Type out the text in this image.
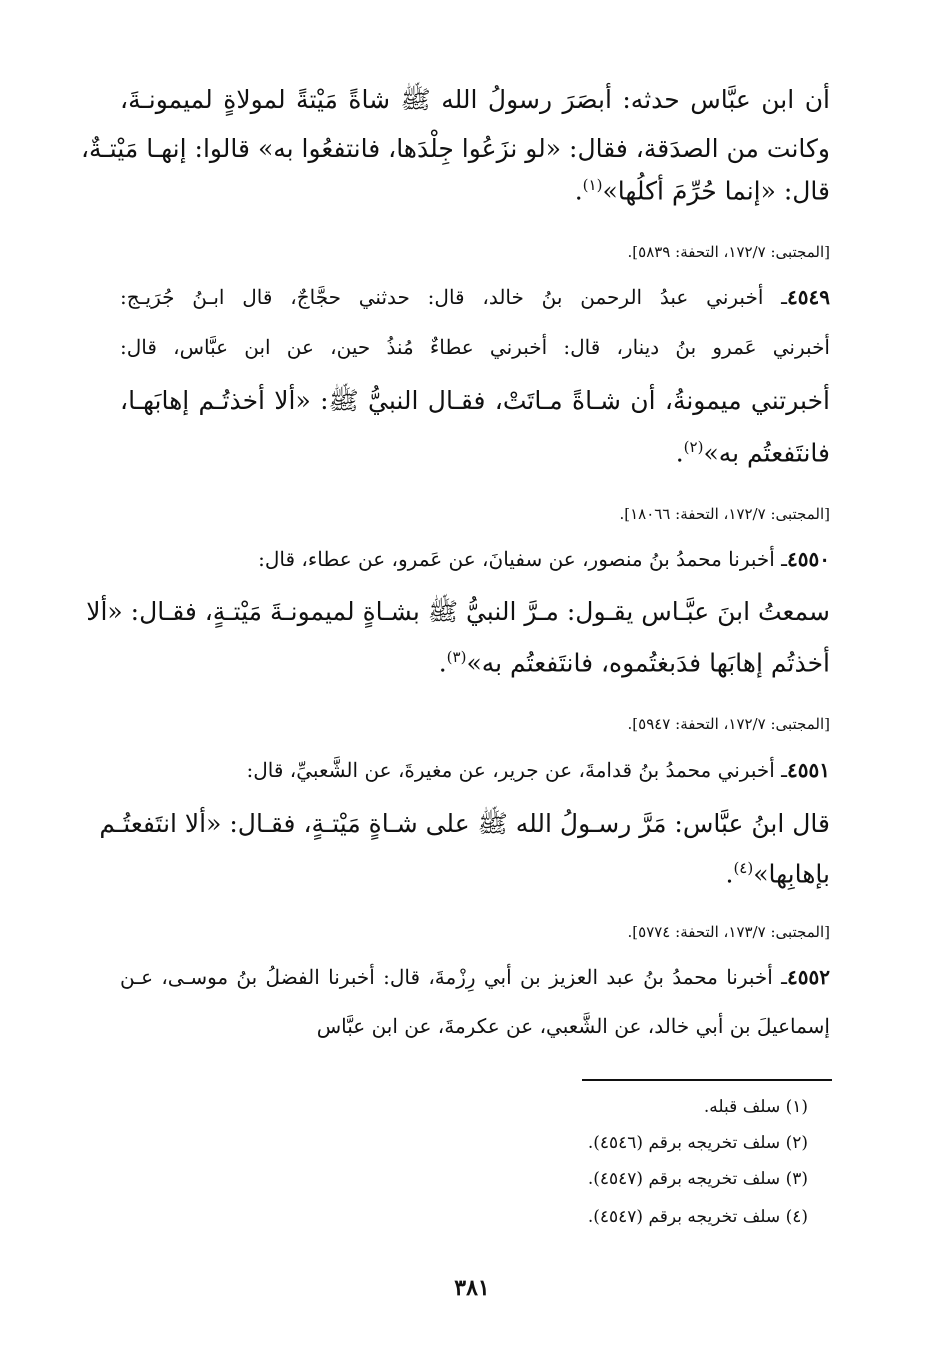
أن ابن عبَّاس حدثه: أبصَرَ رسولُ الله ﷺ شاةً مَيْتةً لمولاةٍ لميمونـةَ،
وكانت من الصدَقة، فقال: «لو نزَعُوا جِلْدَها، فانتفعُوا به» قالوا: إنهـا مَيْتـةٌ،
قال: «إنما حُرِّمَ أكلُها»$^{(١)}$.
[المجتبى: ١٧٢/٧، التحفة: ٥٨٣٩].
٤٥٤٩ـ أخبرني عبدُ الرحمن بنُ خالد، قال: حدثني حجَّاجٌ، قال ابـنُ جُرَيـج:
أخبرني عَمرو بنُ دينار، قال: أخبرني عطاءٌ مُنذُ حين، عن ابن عبَّاس، قال:
أخبرتني ميمونةُ، أن شـاةً مـاتَتْ، فقـال النبيُّ ﷺ: «ألا أخذتُـم إهابَهـا،
فانتَفعتُم به»$^{(٢)}$.
[المجتبى: ١٧٢/٧، التحفة: ١٨٠٦٦].
٤٥٥٠ـ أخبرنا محمدُ بنُ منصور، عن سفيانَ، عن عَمرو، عن عطاء، قال:
سمعتُ ابنَ عبَّـاس يقـول: مـرَّ النبيُّ ﷺ بشـاةٍ لميمونـةَ مَيْتـةٍ، فقـال: «ألا
أخذتُم إهابَها فدَبغتُموه، فانتَفعتُم به»$^{(٣)}$.
[المجتبى: ١٧٢/٧، التحفة: ٥٩٤٧].
٤٥٥١ـ أخبرني محمدُ بنُ قدامةَ، عن جرير، عن مغيرةَ، عن الشَّعبيِّ، قال:
قال ابنُ عبَّاس: مَرَّ رسـولُ الله ﷺ على شـاةٍ مَيْتـةٍ، فقـال: «ألا انتَفعتُـم
بإهابِها»$^{(٤)}$.
[المجتبى: ١٧٣/٧، التحفة: ٥٧٧٤].
٤٥٥٢ـ أخبرنا محمدُ بنُ عبد العزيز بن أبي رِزْمةَ، قال: أخبرنا الفضلُ بنُ موسـى، عـن
إسماعيلَ بن أبي خالد، عن الشَّعبي، عن عكرمةَ، عن ابن عبَّاس
(١) سلف قبله.
(٢) سلف تخريجه برقم (٤٥٤٦).
(٣) سلف تخريجه برقم (٤٥٤٧).
(٤) سلف تخريجه برقم (٤٥٤٧).
٣٨١
